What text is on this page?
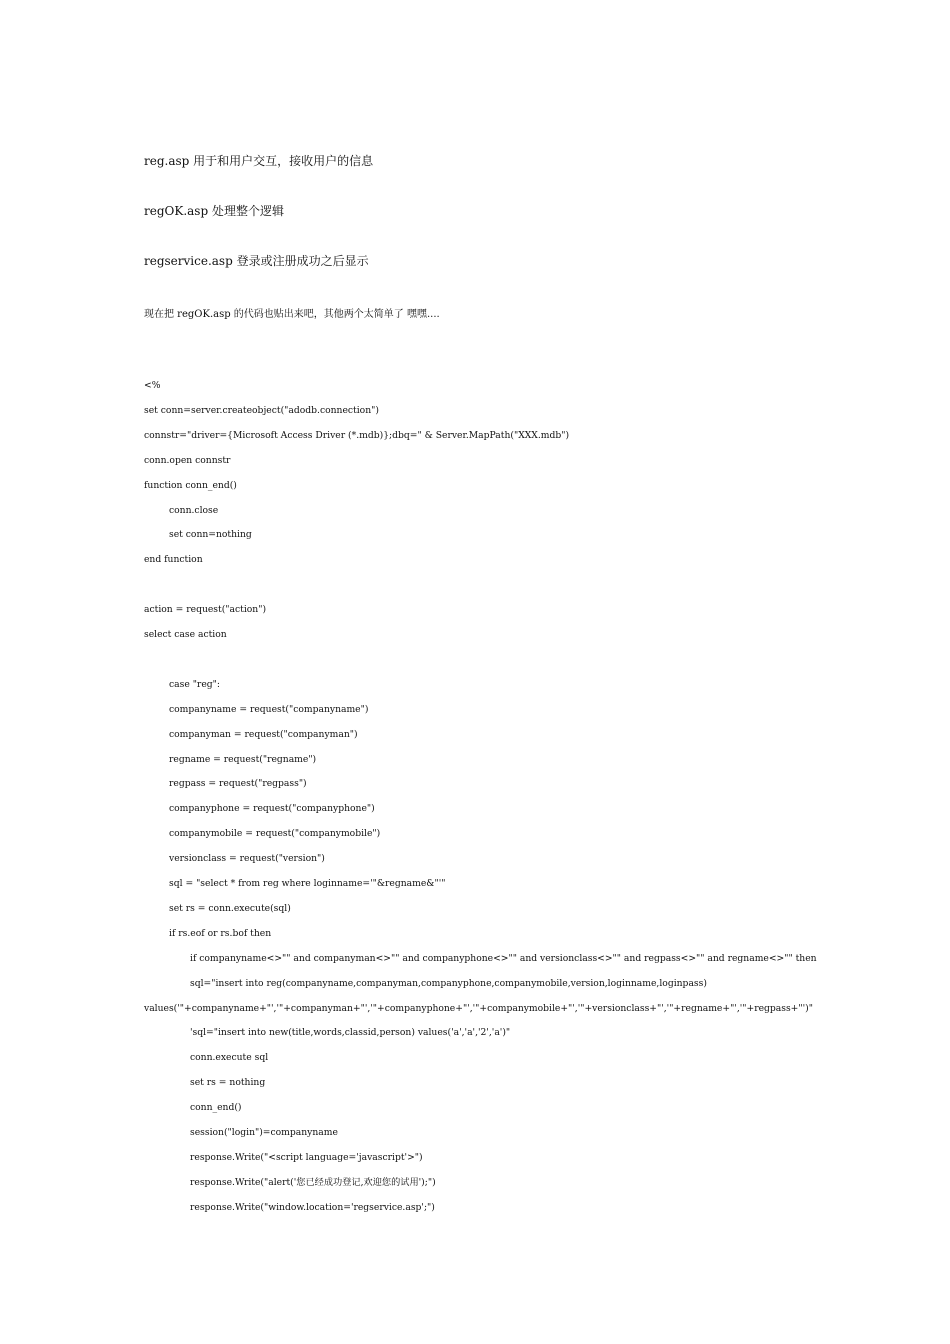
reg.asp 用于和用户交互，接收用户的信息
regOK.asp 处理整个逻辑
regservice.asp 登录或注册成功之后显示
现在把 regOK.asp 的代码也贴出来吧，其他两个太简单了 嘿嘿....
<%
set conn=server.createobject("adodb.connection")
connstr="driver={Microsoft Access Driver (*.mdb)};dbq=" & Server.MapPath("XXX.mdb")
conn.open connstr
function conn_end()
conn.close
set conn=nothing
end function
action = request("action")
select case action
case "reg":
companyname = request("companyname")
companyman = request("companyman")
regname = request("regname")
regpass = request("regpass")
companyphone = request("companyphone")
companymobile = request("companymobile")
versionclass = request("version")
sql = "select * from reg where loginname='"&regname&"'"
set rs = conn.execute(sql)
if rs.eof or rs.bof then
if companyname<>"" and companyman<>"" and companyphone<>"" and versionclass<>"" and regpass<>"" and regname<>"" then
sql="insert into reg(companyname,companyman,companyphone,companymobile,version,loginname,loginpass)
values('"+companyname+"','"+companyman+"','"+companyphone+"','"+companymobile+"','"+versionclass+"','"+regname+"','"+regpass+"')"
'sql="insert into new(title,words,classid,person) values('a','a','2','a')"
conn.execute sql
set rs = nothing
conn_end()
session("login")=companyname
response.Write("<script language='javascript'>")
response.Write("alert('您已经成功登记,欢迎您的试用');")
response.Write("window.location='regservice.asp';")
